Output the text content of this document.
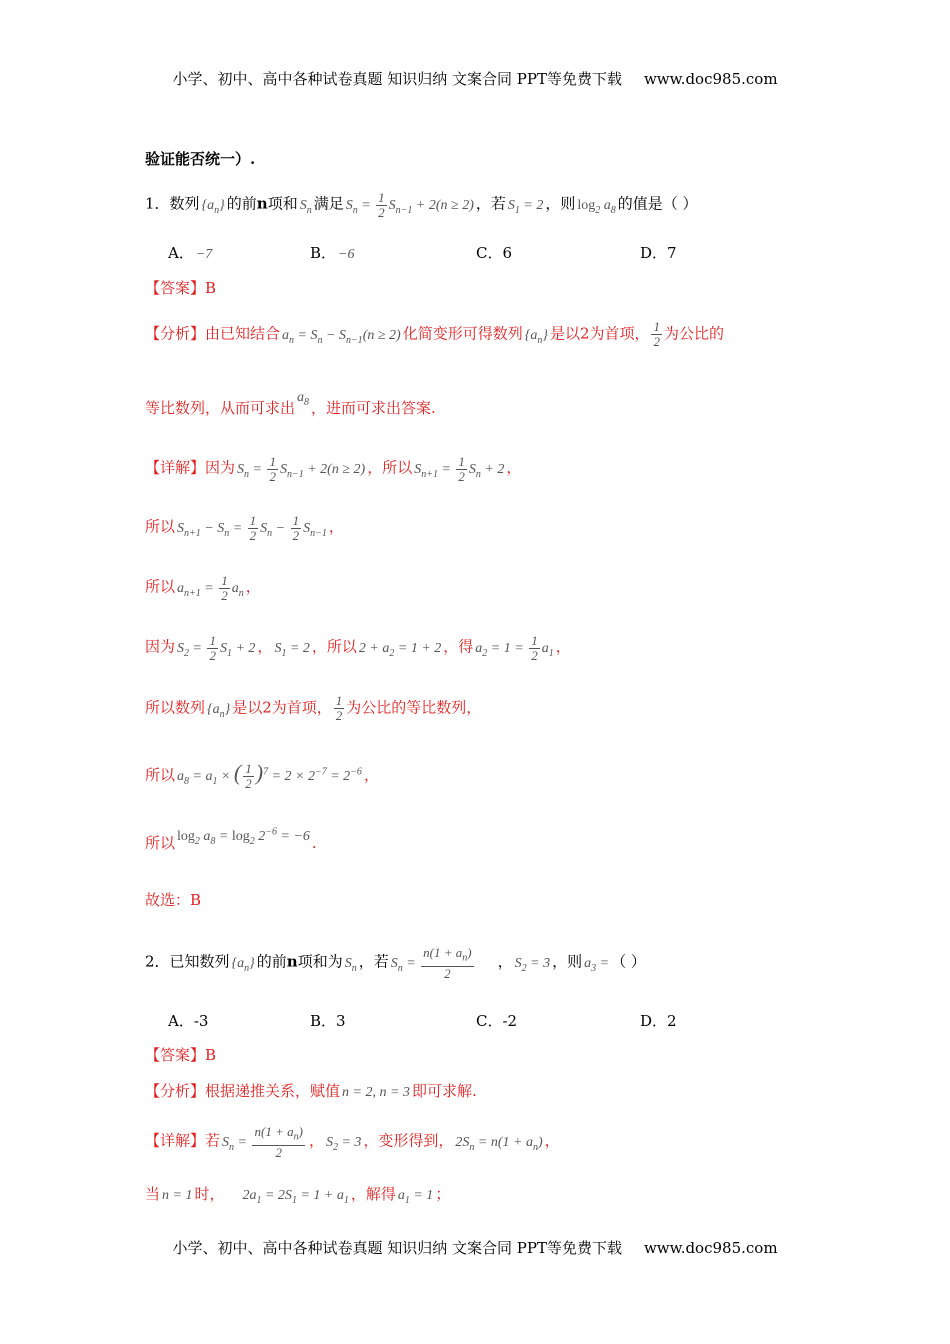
小学、初中、高中各种试卷真题 知识归纳 文案合同 PPT等免费下载 www.doc985.com
验证能否统一）.
1．数列 $\{a_n\}$ 的前n项和 $S_n$ 满足 $S_n = \frac{1}{2} S_{n-1} + 2(n \ge 2)$ ，若 $S_1 = 2$ ，则 $\log_2 a_8$ 的值是（ ）
A． −7	B． −6	C．6	D．7
【答案】B
【分析】由已知结合 $a_n = S_n - S_{n-1}(n \ge 2)$ 化简变形可得数列 $\{a_n\}$ 是以2为首项， $\frac{1}{2}$ 为公比的
等比数列，从而可求出$a_8$ ，进而可求出答案.
【详解】因为 $S_n = \frac{1}{2} S_{n-1} + 2(n \ge 2)$ ，所以 $S_{n+1} = \frac{1}{2} S_n + 2$ ，
所以 $S_{n+1} - S_n = \frac{1}{2} S_n - \frac{1}{2} S_{n-1}$ ，
所以 $a_{n+1} = \frac{1}{2} a_n$ ，
因为 $S_2 = \frac{1}{2} S_1 + 2$ ， $S_1 = 2$ ，所以 $2 + a_2 = 1 + 2$ ，得 $a_2 = 1 = \frac{1}{2} a_1$ ，
所以数列 $\{a_n\}$ 是以2为首项， $\frac{1}{2}$ 为公比的等比数列，
所以 $a_8 = a_1$ × ( $\frac{1}{2} )^7 = 2 \times 2^{-7} = 2^{-6}$ ，
所以 $\log_2 a_8 = \log_2 2^{-6} = -6$ .
故选：B
2．已知数列 $\{a_n\}$ 的前n项和为 $S_n$ ，若 $S_n = \frac{n(1 + a_n)}{2}$ ， $S_2 = 3$ ，则 $a_3$ = （ ）
A．-3	B．3	C．-2	D．2
【答案】B
【分析】根据递推关系，赋值 n = 2, n = 3 即可求解.
【详解】若 $S_n = \frac{n(1 + a_n)}{2}$ ， $S_2 = 3$ ，变形得到， $2S_n = n(1 + a_n)$ ，
当 n = 1 时， $2a_1 = 2S_1 = 1 + a_1$ ，解得 $a_1 = 1$ ；
小学、初中、高中各种试卷真题 知识归纳 文案合同 PPT等免费下载 www.doc985.com
